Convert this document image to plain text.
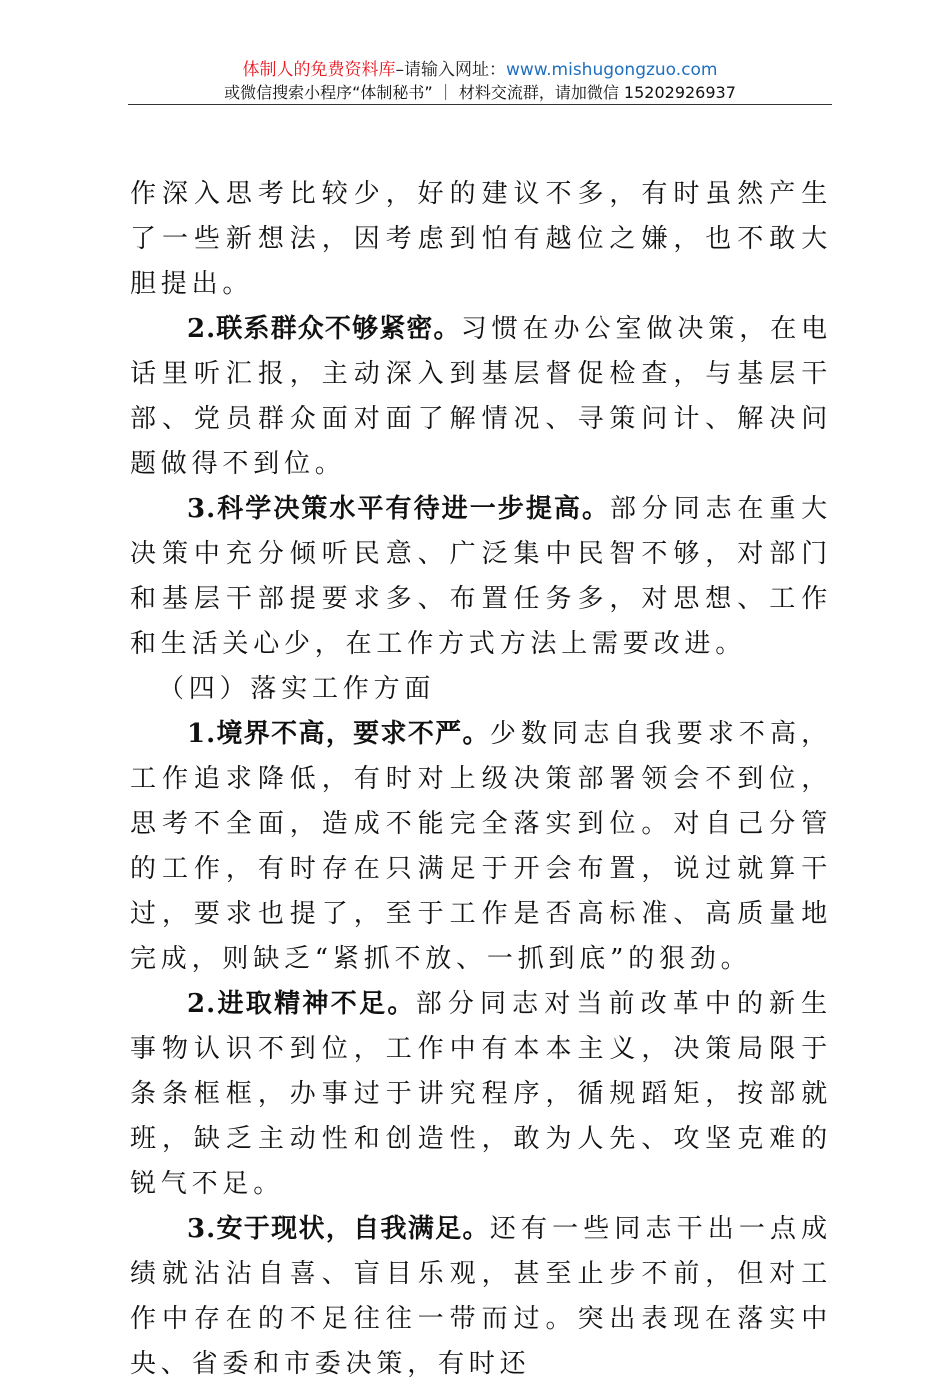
体制人的免费资料库–请输入网址：www.mishugongzuo.com
或微信搜索小程序“体制秘书” ｜ 材料交流群，请加微信 15202926937

作深入思考比较少，好的建议不多，有时虽然产生了一些新想法，因考虑到怕有越位之嫌，也不敢大胆提出。

2.联系群众不够紧密。习惯在办公室做决策，在电话里听汇报，主动深入到基层督促检查，与基层干部、党员群众面对面了解情况、寻策问计、解决问题做得不到位。

3.科学决策水平有待进一步提高。部分同志在重大决策中充分倾听民意、广泛集中民智不够，对部门和基层干部提要求多、布置任务多，对思想、工作和生活关心少，在工作方式方法上需要改进。

（四）落实工作方面

1.境界不高，要求不严。少数同志自我要求不高，工作追求降低，有时对上级决策部署领会不到位，思考不全面，造成不能完全落实到位。对自己分管的工作，有时存在只满足于开会布置，说过就算干过，要求也提了，至于工作是否高标准、高质量地完成，则缺乏“紧抓不放、一抓到底”的狠劲。

2.进取精神不足。部分同志对当前改革中的新生事物认识不到位，工作中有本本主义，决策局限于条条框框，办事过于讲究程序，循规蹈矩，按部就班，缺乏主动性和创造性，敢为人先、攻坚克难的锐气不足。

3.安于现状，自我满足。还有一些同志干出一点成绩就沾沾自喜、盲目乐观，甚至止步不前，但对工作中存在的不足往往一带而过。突出表现在落实中央、省委和市委决策，有时还
